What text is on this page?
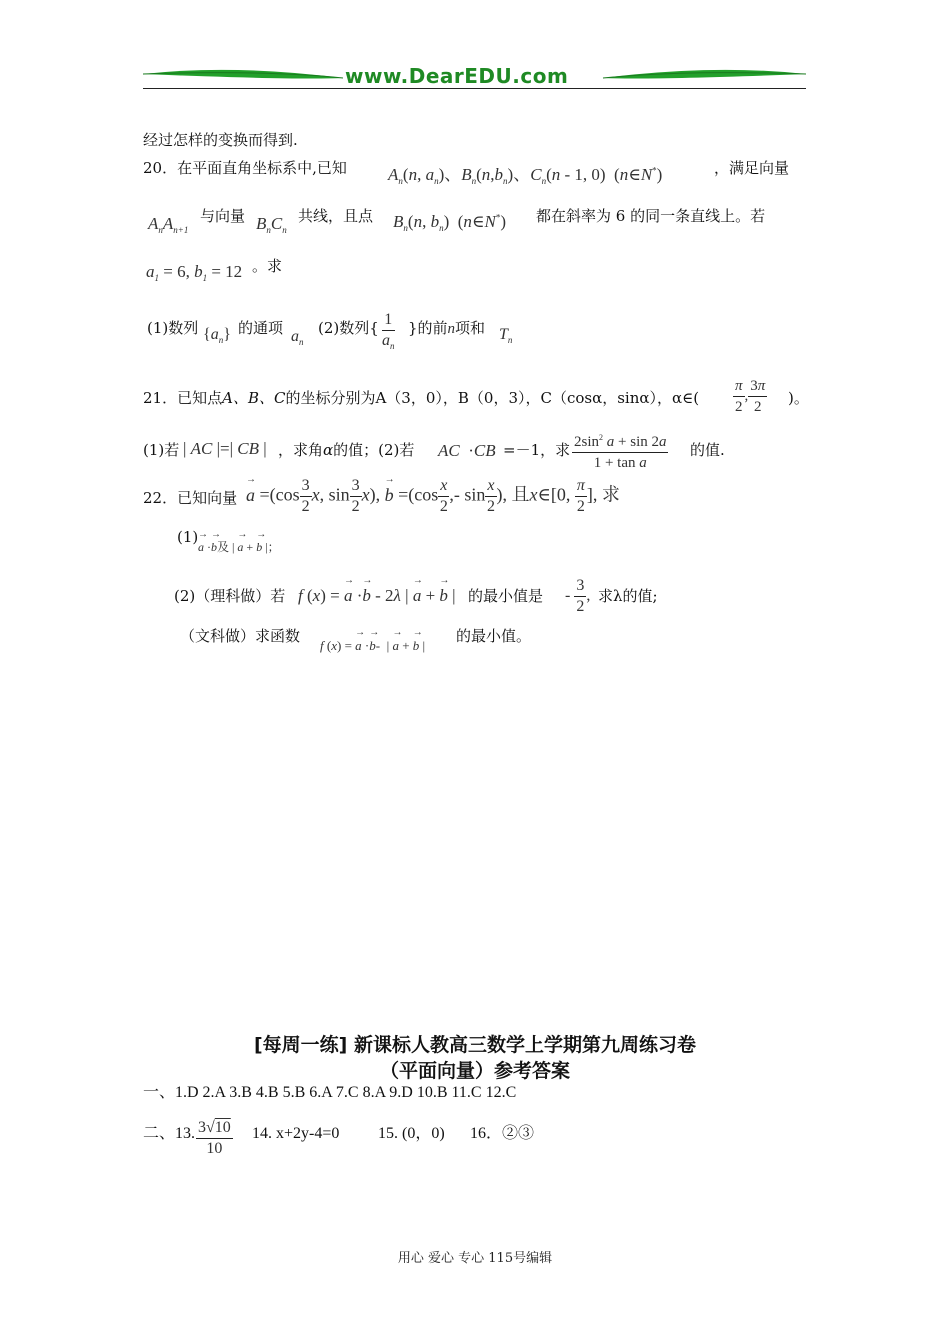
www.DearEDU.com
经过怎样的变换而得到.
20．在平面直角坐标系中,已知 $A_n(n$, $a_n$)、$B_n(n,b_n)$、$C_n(n - 1$, 0)  (n∈N*)	，满足向量
$A_nA_{n+1}$
与向量 $B_nC_n$
共线，且点 $B_n(n$, $b_n$)  (n∈N*) 都在斜率为 6 的同一条直线上。若
$a_1 = 6$, $b_1 = 12$ 。求
(1)数列 $\{a_n\}$ 的通项 $a_n$
(2)数列{ $\frac{1}{a_n}$ }的前n项和 $T_n$
21．已知点A、B、C的坐标分别为A（3，0），B（0，3），C（cosα，sinα），α∈( $\frac{\pi}{2}$ , $\frac{3\pi}{2}$ )。
(1)若 | AC |=| CB | ，求角α的值；(2)若 AC  ·CB =－1，求 $\frac{2\sin^2 a + \sin 2a}{\text{1 + tan a}}$ 的值.
22．已知向量 → $a =(\cos \frac{3}{2} x$, $\sin \frac{3}{2} x$), → $b =(\cos \frac{x}{2}$ ,- $\sin \frac{x}{2}$ ), 且x∈[0, $\frac{\pi}{2}$ ], 求
(1)
→ a ·→ b及 | → a + → b |；
(2)（理科做）若 f (x) = → a ·→ b - 2λ | → a + → b | 的最小值是 - $\frac{3}{2}$ , 求λ的值;
（文科做）求函数
f (x) = → a ·→ b-  | → a + → b |
的最小值。
[每周一练] 新课标人教高三数学上学期第九周练习卷
（平面向量）参考答案
一、1.D 2.A 3.B 4.B 5.B 6.A 7.C 8.A 9.D 10.B 11.C 12.C
二、13. $\frac{3√10}{10} 14$. x+2y-4=0 15. (0，0) 16．②③
用心 爱心 专心 115号编辑
